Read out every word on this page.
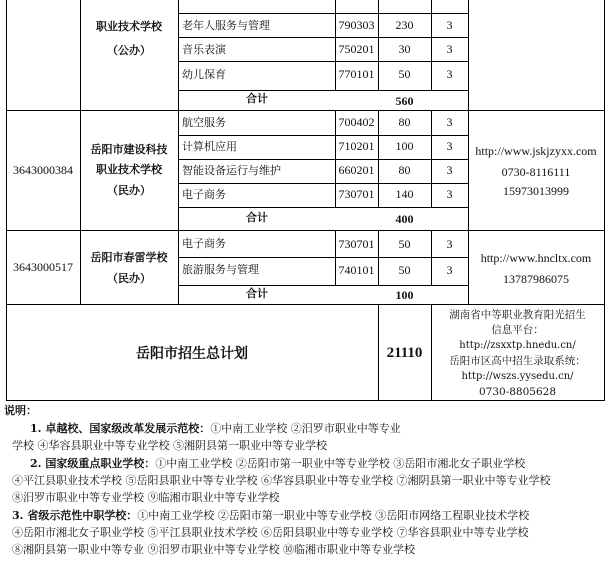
职业技术学校
（公办）
老年人服务与管理	790303	230	3
音乐表演	750201	30	3
幼儿保育	770101	50	3
合计	560
3643000384
岳阳市建设科技
职业技术学校
（民办）
航空服务	700402	80	3
计算机应用	710201	100	3
智能设备运行与维护	660201	80	3
电子商务	730701	140	3
合计	400
http://www.jskjzyxx.com
0730-8116111
15973013999
3643000517
岳阳市春雷学校
（民办）
电子商务	730701	50	3
旅游服务与管理	740101	50	3
合计	100
http://www.hncltx.com
13787986075
岳阳市招生总计划	21110
湖南省中等职业教育阳光招生
信息平台：
http://zsxxtp.hnedu.cn/
岳阳市区高中招生录取系统：
http://wszs.yysedu.cn/
0730-8805628
说明：
1. 卓越校、国家级改革发展示范校：①中南工业学校 ②汨罗市职业中等专业
学校 ④华容县职业中等专业学校 ⑤湘阴县第一职业中等专业学校
2. 国家级重点职业学校：①中南工业学校 ②岳阳市第一职业中等专业学校 ③岳阳市湘北女子职业学校
④平江县职业技术学校 ⑤岳阳县职业中等专业学校 ⑥华容县职业中等专业学校 ⑦湘阴县第一职业中等专业学校
⑧汨罗市职业中等专业学校 ⑨临湘市职业中等专业学校
3. 省级示范性中职学校：①中南工业学校 ②岳阳市第一职业中等专业学校 ③岳阳市网络工程职业技术学校
④岳阳市湘北女子职业学校 ⑤平江县职业技术学校 ⑥岳阳县职业中等专业学校 ⑦华容县职业中等专业学校
⑧湘阴县第一职业中等专业 ⑨汨罗市职业中等专业学校 ⑩临湘市职业中等专业学校
